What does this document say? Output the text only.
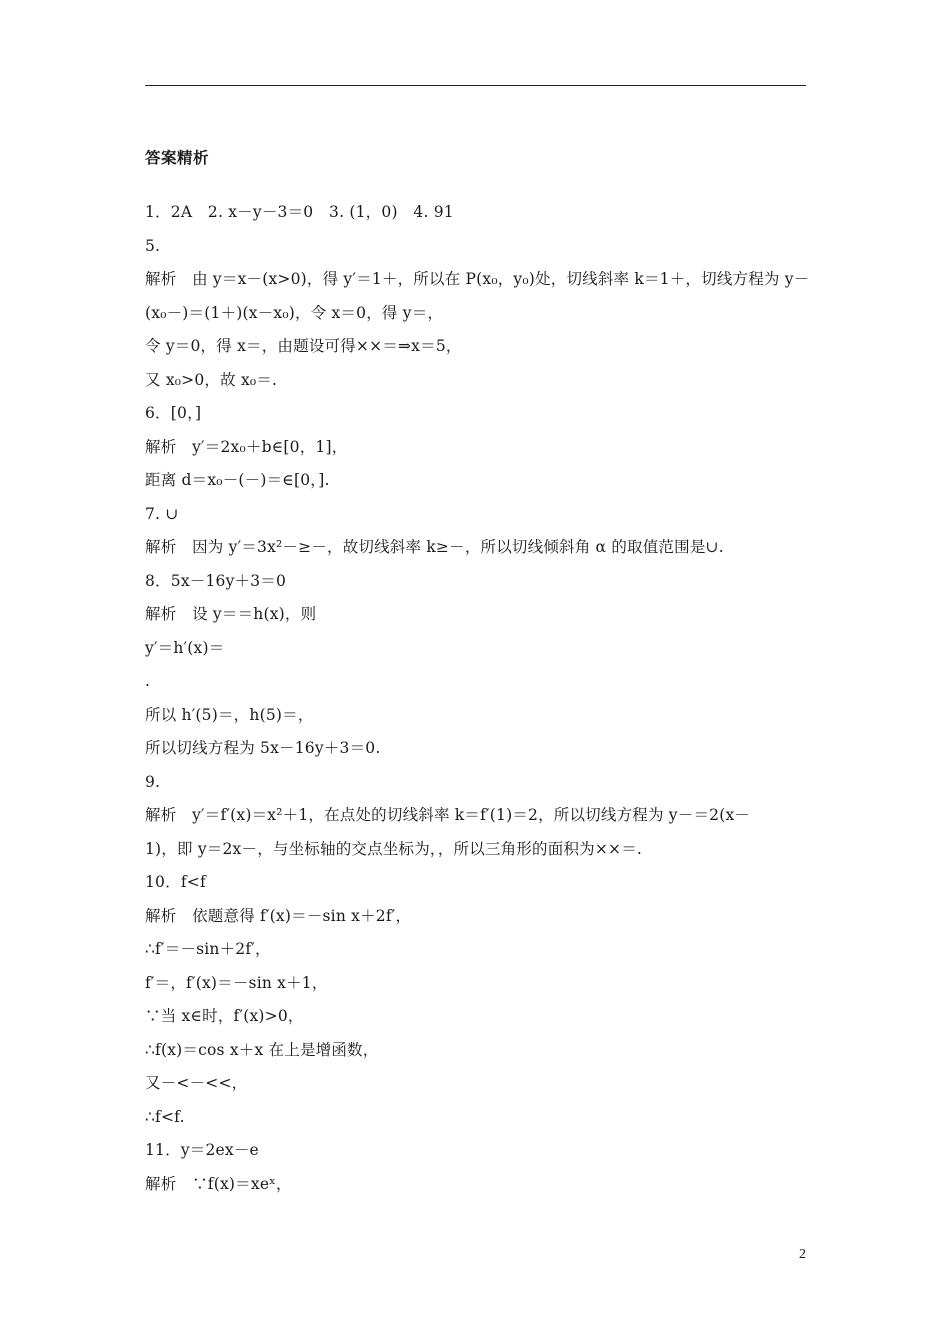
答案精析
1．2A　2. x－y－3＝0　3. (1，0)　4. 91
5.
解析　由 y＝x－(x>0)，得 y′＝1＋，所以在 P(x₀，y₀)处，切线斜率 k＝1＋，切线方程为 y－
(x₀－)＝(1＋)(x－x₀)，令 x＝0，得 y＝，
令 y＝0，得 x＝，由题设可得××＝⇒x＝5，
又 x₀>0，故 x₀＝.
6．[0，]
解析　y′＝2x₀＋b∈[0，1]，
距离 d＝x₀－(－)＝∈[0，].
7. ∪
解析　因为 y′＝3x²－≥－，故切线斜率 k≥－，所以切线倾斜角 α 的取值范围是∪.
8．5x－16y＋3＝0
解析　设 y＝＝h(x)，则
y′＝h′(x)＝
.
所以 h′(5)＝，h(5)＝，
所以切线方程为 5x－16y＋3＝0.
9.
解析　y′＝f′(x)＝x²＋1，在点处的切线斜率 k＝f′(1)＝2，所以切线方程为 y－＝2(x－
1)，即 y＝2x－，与坐标轴的交点坐标为，，所以三角形的面积为××＝.
10．f<f
解析　依题意得 f′(x)＝－sin x＋2f′，
∴f′＝－sin＋2f′，
f′＝，f′(x)＝－sin x＋1，
∵当 x∈时，f′(x)>0，
∴f(x)＝cos x＋x 在上是增函数，
又－<－<<，
∴f<f.
11．y＝2ex－e
解析　∵f(x)＝xeˣ，
2
